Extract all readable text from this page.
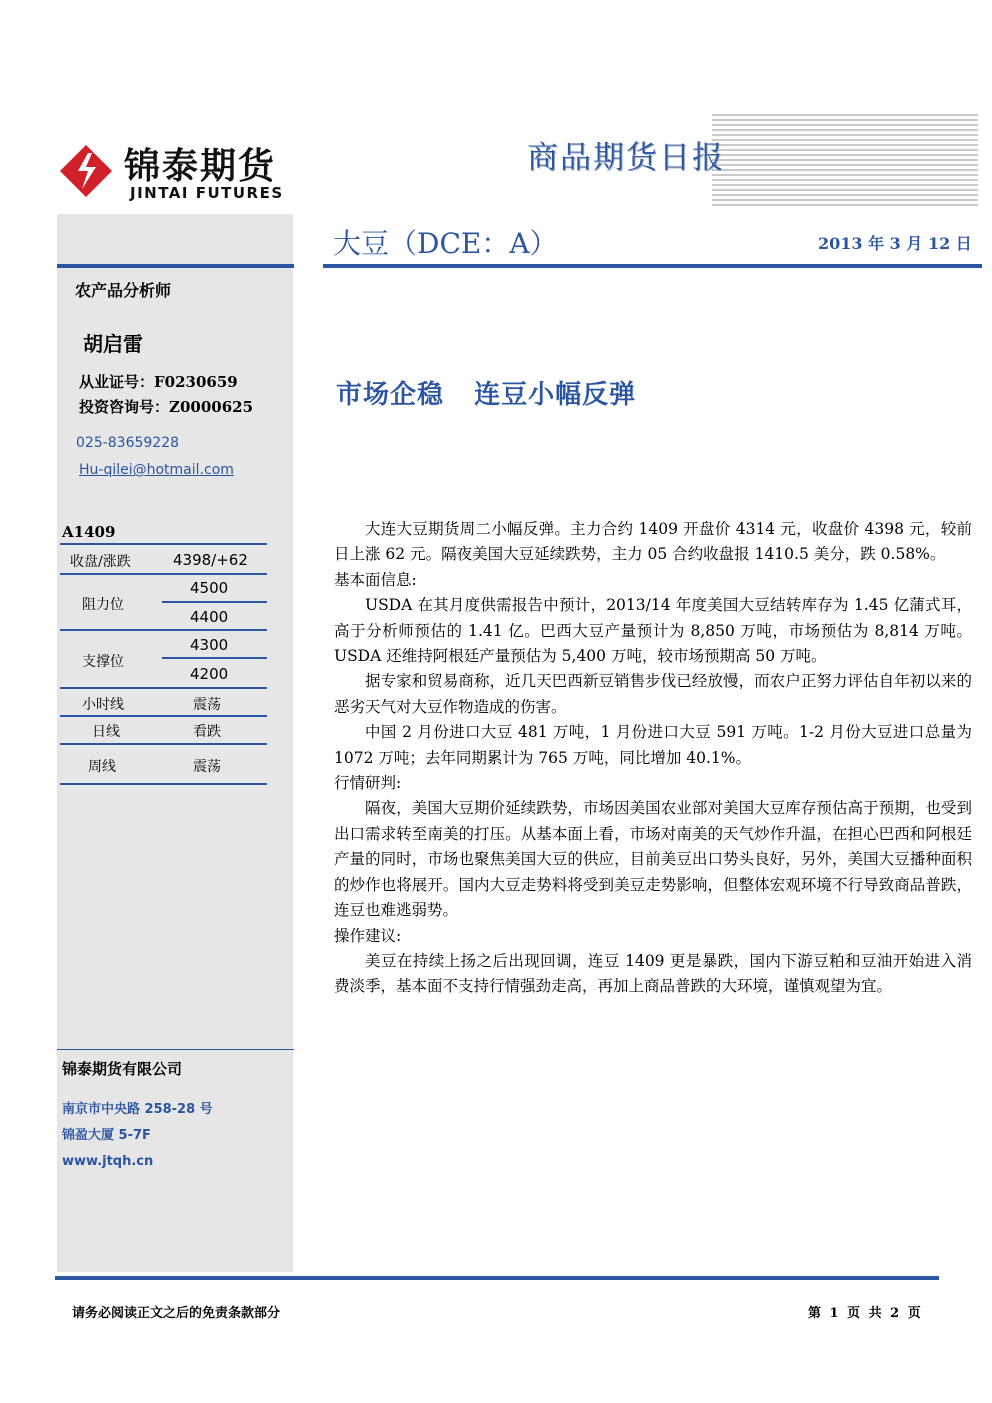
锦泰期货
JINTAI FUTURES
商品期货日报
大豆（DCE：A）	2013 年 3 月 12 日
农产品分析师
胡启雷
从业证号：F0230659
投资咨询号：Z0000625
025-83659228
Hu-qilei@hotmail.com
A1409
收盘/涨跌	4398/+62
阻力位
4500
4400
支撑位
4300
4200
小时线	震荡
日线	看跌
周线	震荡
锦泰期货有限公司
南京市中央路 258-28 号
锦盈大厦 5-7F
www.jtqh.cn
市场企稳   连豆小幅反弹

大连大豆期货周二小幅反弹。主力合约 1409 开盘价 4314 元，收盘价 4398 元，较前日上涨 62 元。隔夜美国大豆延续跌势，主力 05 合约收盘报 1410.5 美分，跌 0.58%。

基本面信息:

USDA 在其月度供需报告中预计，2013/14 年度美国大豆结转库存为 1.45 亿蒲式耳，高于分析师预估的 1.41 亿。巴西大豆产量预计为 8,850 万吨，市场预估为 8,814 万吨。USDA 还维持阿根廷产量预估为 5,400 万吨，较市场预期高 50 万吨。

据专家和贸易商称，近几天巴西新豆销售步伐已经放慢，而农户正努力评估自年初以来的恶劣天气对大豆作物造成的伤害。

中国 2 月份进口大豆 481 万吨，1 月份进口大豆 591 万吨。1-2 月份大豆进口总量为 1072 万吨；去年同期累计为 765 万吨，同比增加 40.1%。

行情研判:

隔夜，美国大豆期价延续跌势，市场因美国农业部对美国大豆库存预估高于预期，也受到出口需求转至南美的打压。从基本面上看，市场对南美的天气炒作升温，在担心巴西和阿根廷产量的同时，市场也聚焦美国大豆的供应，目前美豆出口势头良好，另外，美国大豆播种面积的炒作也将展开。国内大豆走势料将受到美豆走势影响，但整体宏观环境不行导致商品普跌，连豆也难逃弱势。

操作建议:

美豆在持续上扬之后出现回调，连豆 1409 更是暴跌，国内下游豆粕和豆油开始进入消费淡季，基本面不支持行情强劲走高，再加上商品普跌的大环境，谨慎观望为宜。

请务必阅读正文之后的免责条款部分	第 1 页 共 2 页
